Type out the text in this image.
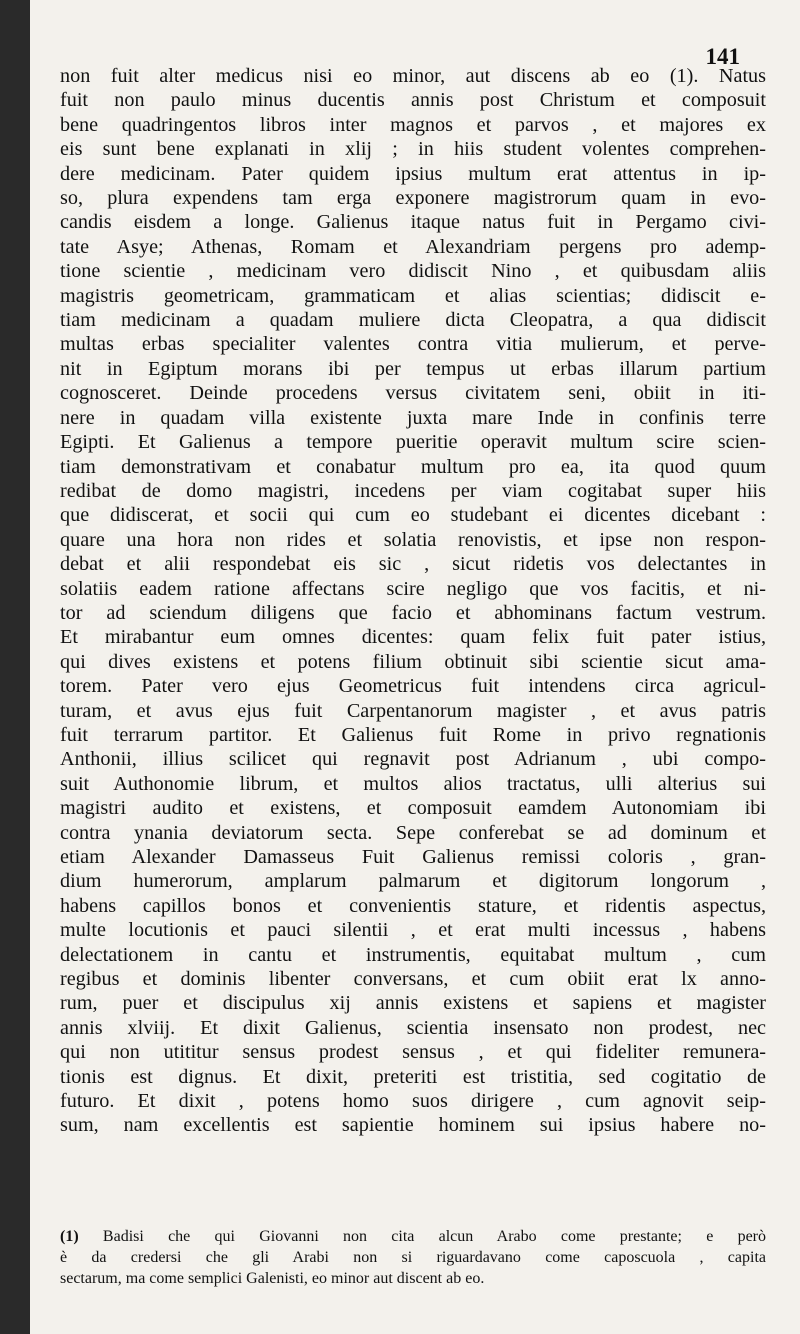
141
non fuit alter medicus nisi eo minor, aut discens ab eo (1). Natus
fuit non paulo minus ducentis annis post Christum et composuit
bene quadringentos libros inter magnos et parvos , et majores ex
eis sunt bene explanati in xlij ; in hiis student volentes comprehen-
dere medicinam. Pater quidem ipsius multum erat attentus in ip-
so, plura expendens tam erga exponere magistrorum quam in evo-
candis eisdem a longe. Galienus itaque natus fuit in Pergamo civi-
tate Asye; Athenas, Romam et Alexandriam pergens pro ademp-
tione scientie , medicinam vero didiscit Nino , et quibusdam aliis
magistris geometricam, grammaticam et alias scientias; didiscit e-
tiam medicinam a quadam muliere dicta Cleopatra, a qua didiscit
multas erbas specialiter valentes contra vitia mulierum, et perve-
nit in Egiptum morans ibi per tempus ut erbas illarum partium
cognosceret. Deinde procedens versus civitatem seni, obiit in iti-
nere in quadam villa existente juxta mare Inde in confinis terre
Egipti. Et Galienus a tempore pueritie operavit multum scire scien-
tiam demonstrativam et conabatur multum pro ea, ita quod quum
redibat de domo magistri, incedens per viam cogitabat super hiis
que didiscerat, et socii qui cum eo studebant ei dicentes dicebant :
quare una hora non rides et solatia renovistis, et ipse non respon-
debat et alii respondebat eis sic , sicut ridetis vos delectantes in
solatiis eadem ratione affectans scire negligo que vos facitis, et ni-
tor ad sciendum diligens que facio et abhominans factum vestrum.
Et mirabantur eum omnes dicentes: quam felix fuit pater istius,
qui dives existens et potens filium obtinuit sibi scientie sicut ama-
torem. Pater vero ejus Geometricus fuit intendens circa agricul-
turam, et avus ejus fuit Carpentanorum magister , et avus patris
fuit terrarum partitor. Et Galienus fuit Rome in privo regnationis
Anthonii, illius scilicet qui regnavit post Adrianum , ubi compo-
suit Authonomie librum, et multos alios tractatus, ulli alterius sui
magistri audito et existens, et composuit eamdem Autonomiam ibi
contra ynania deviatorum secta. Sepe conferebat se ad dominum et
etiam Alexander Damasseus Fuit Galienus remissi coloris , gran-
dium humerorum, amplarum palmarum et digitorum longorum ,
habens capillos bonos et convenientis stature, et ridentis aspectus,
multe locutionis et pauci silentii , et erat multi incessus , habens
delectationem in cantu et instrumentis, equitabat multum , cum
regibus et dominis libenter conversans, et cum obiit erat lx anno-
rum, puer et discipulus xij annis existens et sapiens et magister
annis xlviij. Et dixit Galienus, scientia insensato non prodest, nec
qui non utititur sensus prodest sensus , et qui fideliter remunera-
tionis est dignus. Et dixit, preteriti est tristitia, sed cogitatio de
futuro. Et dixit , potens homo suos dirigere , cum agnovit seip-
sum, nam excellentis est sapientie hominem sui ipsius habere no-
(1) Badisi che qui Giovanni non cita alcun Arabo come prestante; e però
è da credersi che gli Arabi non si riguardavano come caposcuola , capita
sectarum, ma come semplici Galenisti, eo minor aut discent ab eo.
